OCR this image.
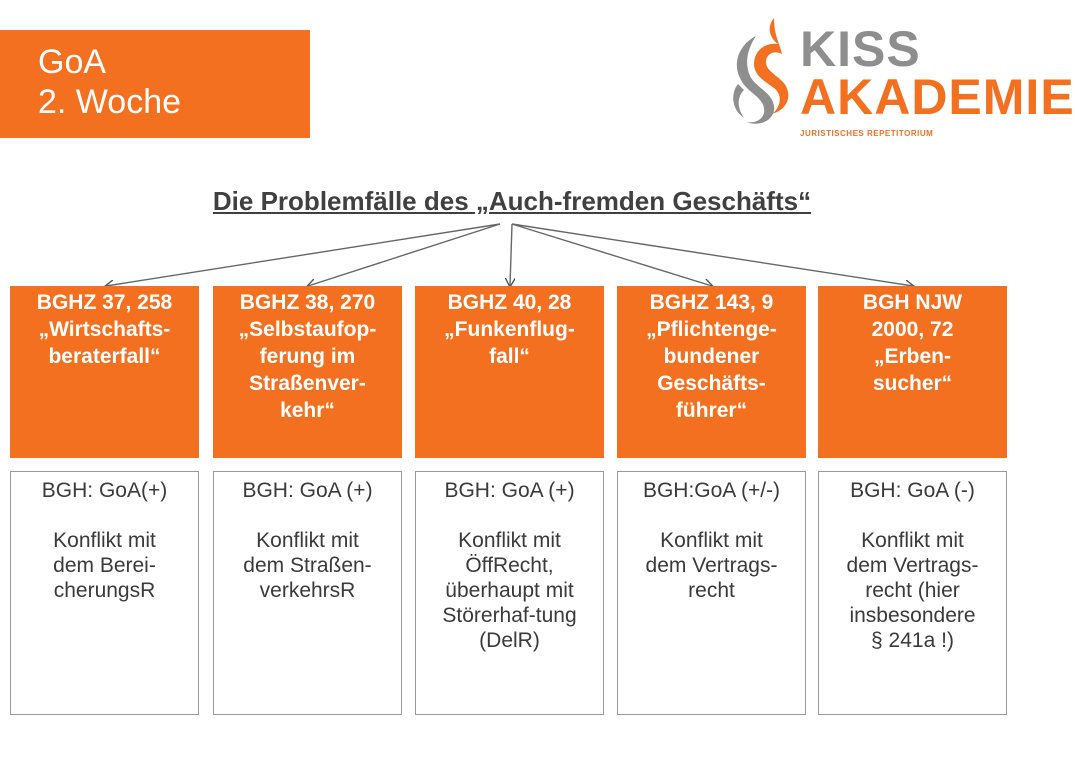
GoA
2. Woche
KISS
AKADEMIE
JURISTISCHES REPETITORIUM
Die Problemfälle des „Auch-fremden Geschäfts“
BGHZ 37, 258
„Wirtschafts-
beraterfall“
BGHZ 38, 270
„Selbstaufop-
ferung im
Straßenver-
kehr“
BGHZ 40, 28
„Funkenflug-
fall“
BGHZ 143, 9
„Pflichtenge-
bundener
Geschäfts-
führer“
BGH NJW
2000, 72
„Erben-
sucher“
BGH: GoA(+)
Konflikt mit
dem Berei-
cherungsR
BGH: GoA (+)
Konflikt mit
dem Straßen-
verkehrsR
BGH: GoA (+)
Konflikt mit
ÖffRecht,
überhaupt mit
Störerhaf-tung
(DelR)
BGH:GoA (+/-)
Konflikt mit
dem Vertrags-
recht
BGH: GoA (-)
Konflikt mit
dem Vertrags-
recht (hier
insbesondere
§ 241a !)
